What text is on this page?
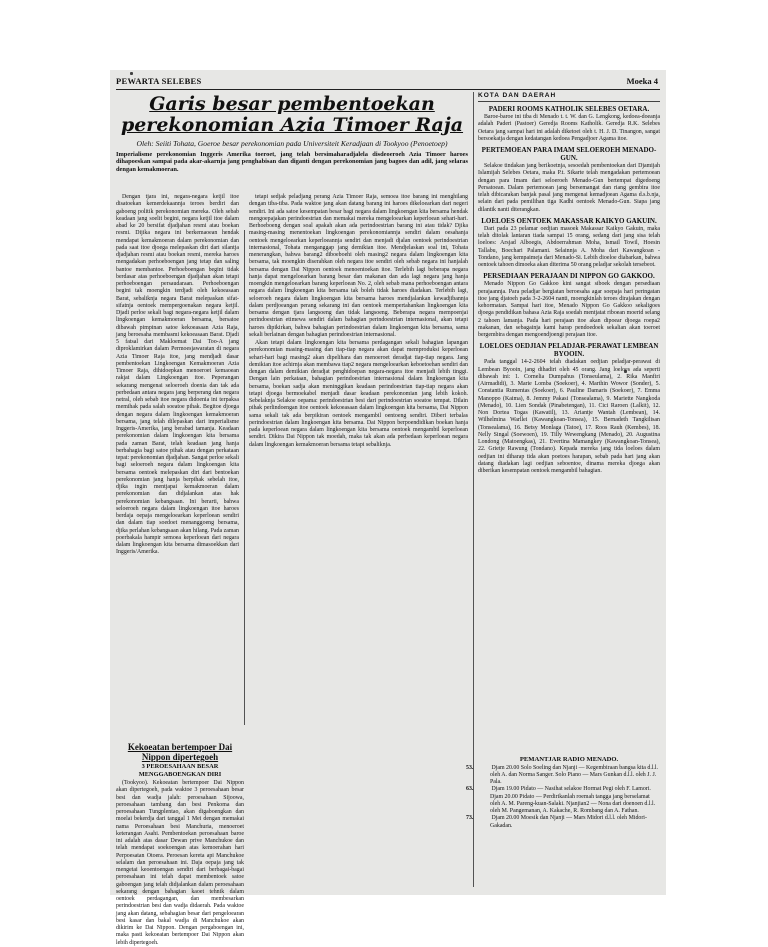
PEWARTA SELEBES	Moeka 4

Garis besar pembentoekan perekonomian Azia Timoer Raja

Oleh: Seiiti Tohata, Goeroe besar perekonomian pada Universiteit Keradjaan di Tookyoo (Penoetoep)

Imperialisme perekonomian Inggeris Amerika toeroet, jang telah bersimaharadjalela disdeoeroeh Azia Timoer haroes dihapoeskan sampai pada akar-akarnja jang penghabisan dan diganti dengan perekonomian jang bagoes dan adil, jang selaras dengan kemakmoeran.

Dengan tjara ini, negara-negara ketjil itoe disatoekan kemerdekaannja teroes berdiri dan gaboeng politik perekonomian mereka. Oleh sebab keadaan jang soelit begini, negara ketjil itoe dalam abad ke 20 bersifat djadjahan resmi atau boekan resmi. Dijika negara ini berkemaoean hendak mendapat kemakmoeran dalam perekonomian dan pada saat itoe djoega melepaskan diri dari silantja djadjahan resmi atau boekan resmi, mereka haroes mengadakan perhoeboengan jang tetap dan saling bantoe membantoe. Perhoeboengan begini tidak berdasar atas perhoeboengan djadjahan akan tetapi perhoeboengan persaudaraan. Perhoeboengan begini tak moengkin terdjadi oleh kekoeasaan Barat, sebaliknja negara Barat melepaskan sifat-sifatnja oentoek mempergoenakan negara ketjil. Djadi perloe sekali bagi negara-negara ketjil dalam lingkoengan kemakmoeran bersama, bersatoe dibawah pimpinan satoe kekoeasaan Azia Raja, jang beroesaha membasmi kekoeasaan Barat. Djadi 5 fatsal dari Makloemat Dai Too-A jang diproklamirkan dalam Permoesjawaratan di negara Azia Timoer Raja itoe, jang mendjadi dasar pembentoekan Lingkoengan Kemakmoeran Azia Timoer Raja, dihidoepkan menoeroet kemaoean rakjat dalam Lingkoengan itoe. Peperangan sekarang mengenai seloeroeh doenia dan tak ada perbedaan antara negara jang berperang dan negara netral, oleh sebab itoe negara didoenia ini terpaksa memihak pada salah soeatoe pihak. Begitoe djoega dengan negara dalam lingkoengan kemakmoeran bersama, jang telah dilepaskan dari imperialisme Inggeris-Amerika, jang berabad tamanja. Keadaan perekonomian dalam lingkoengan kita bersama pada zaman Barat, telah keadaan jang hanja berbahagia bagi satoe pihak atau dengan perkataan tepat: perekonomian djadjahan. Sangat perloe sekali bagi seloeroeh negara dalam lingkoengan kita bersama oentoek melepaskan diri dari bentoekan perekonomian jang hanja berpihak sebelah itoe, djika ingin mentjapai kemakmoeran dalam perekonomian dan didjalankan atas hak perekonomian kebangsaan. Ini berarti, bahwa seloeroeh negara dalam lingkoengan itoe haroes berdaja oepaja mengeloearkan keperloean sendiri dan dalam tiap soedoet menanggoeng bersama, djika perlahan kebangsaan akan hilang. Pada zaman poerbakala hampir semoea keperloean dari negara dalam lingkoengan kita bersama dimasoekkan dari Inggeris/Amerika.

tetapi sedjak peladjang perang Azia Timoer Raja, semoea itoe barang ini menghilang dengan tiba-tiba. Pada waktoe jang akan datang barang ini haroes dikeloearkan dari negeri sendiri. Ini ada satoe kesempatan besar bagi negara dalam lingkoengan kita bersama hendak mengoepajakan perindoestrian dan memakai mereka mengeloearkan keperloean sehari-hari. Berhoeboeng dengan soal apakah akan ada perindoestrian barang ini atau tidak? Djika masing-masing menentoekan lingkoengan perekonomiannja sendiri dalam oesahanja oentoek mengeloearkan keperloeannja sendiri dan menjadi djalan oentoek perindoestrian internasional, Tohata menganggap jang demikian itoe. Mendjelaskan soal ini, Tohata menerangkan, bahwa barang2 diboeboehi oleh masing2 negara dalam lingkoengan kita bersama, tak moengkin diserahkan oleh negara itoe sendiri oleh sebab negara ini hanjalah bersama dengan Dai Nippon oentoek menoentoekan itoe. Terlebih lagi beberapa negara hanja dapat mengeloearkan barang besar dan makanan dan ada lagi negara jang hanja moengkin mengeloearkan barang keperloean No. 2, oleh sebab mana perhoeboengan antara negara dalam lingkoengan kita bersama tak boleh tidak haroes diadakan. Terlebih lagi, seloeroeh negara dalam lingkoengan kita bersama haroes mendjalankan kewadjibannja dalam perdjoeangan perang sekarang ini dan oentoek mempertahankan lingkoengan kita bersama dengan tjara langsoeng dan tidak langsoeng. Beberapa negara mempoenjai perindoestrian etimewa sendiri dalam bahagian perindoestrian internasional, akan tetapi haroes dipikirkan, bahwa bahagian perindoestrian dalam lingkoengan kita bersama, sama sekali berlainan dengan bahagian perindoestrian internasional.

Akan tetapi dalam lingkoengan kita bersama perdagangan sekali bahagian lapangan perekonomian masing-masing dan tiap-tiap negara akan dapat memproduksi keperloean sehari-hari bagi masing2 akan dipelihara dan menoeroet deradjat tiap-tiap negara. Jang demikian itoe achirnja akan membawa tiap2 negara mengeloearkan keboetoehan sendiri dan dengan dalam demikian deradjat penghidoepan negara-negara itoe menjadi lebih tinggi. Dengan lain perkataan, bahagian perindoestrian internasional dalam lingkoengan kita bersama, boekan sadja akan meninggikan keadaan perindoestrian tiap-tiap negara akan tetapi djoega bermoekabel menjadi dasar keadaan perekonomian jang lebih kokoh. Sebelaknja Selakoe oepama: perindoestrian besi dari perindoestrian soeatoe tempat. Dilain pihak perlindoengan itoe oentoek kekoeasaan dalam lingkoengan kita bersama, Dai Nippon sama sekali tak ada berpikiran oentoek mengambil oentoeng sendiri. Diberi terbalas perindoestrian dalam lingkoengan kita bersama. Dai Nippon berpoendidikan boekan hanja pada keperloean negara dalam lingkoengan kita bersama oentoek mengambil keperloean sendiri. Dikira Dai Nippon tak moedah, maka tak akan ada perbedaan keperloean negara dalam lingkoengan kemakmoeran bersama tetapi sebaliknja.

Kekoeatan bertempoer Dai Nippon dipertegoeh

3 PEROESAHAAN BESAR MENGGABOENGKAN DIRI

(Tookyoo). Kekoeatan bertempoer Dai Nippon akan dipertegoeh, pada waktoe 3 peroesahaan besar besi dan wadja jalah: peroesahaan Sijoowa, peroesahaan tambang dan besi Penkoma dan peroesahaan Tungplentao, akan digaboengkan dan moelai bekerdja dari tanggal 1 Mei dengan memakai nama Peroesahaan besi Manchuria, menoeroet keterangan Asahi. Pembentoekan peroesahaan baroe ini adalah atas dasar Dewan prive Manchukoe dan telah mendapat soekoengan atas kemoerahan hari Perpoesatan Otoera. Peroesan kereta api Manchukoe selalam dan peroesahaan ini. Daja oepaja jang tak mengetai keoentoengan sendiri dari berbagai-bagai peroesahaan ini telah dapat membentoek satoe gaboengan jang telah didjalankan dalam peroesahaan sekarang dengan bahagian kaoet tehnik dalam oentoek perdagangan, dan membesarkan perindoestrian besi dan wadja didaerah. Pada waktoe jang akan datang, sebahagian besar dari pengeloearan besi kasar dan bakal wadja di Manchukoe akan dikirim ke Dai Nippon. Dengan pergaboengan ini, maka pasti kekoeatan bertempoer Dai Nippon akan lebih dipertegoeh.

KOTA DAN DAERAH

PADERI ROOMS KATHOLIK SELEBES OETARA.

Baroe-baroe ini tiba di Menado t. t. W. dan G. Lengkong, kedoea-doeanja adalah Paderi (Pastoer) Geredja Rooms Katholik. Geredja R.K. Selebes Oetara jang sampai hari ini adalah diketoei oleh t. H. J. D. Tinangon, sangat bersoekatja dengan kedatangan kedoea Pengadjoer Agama itoe.

PERTEMOEAN PARA IMAM SELOEROEH MENADO-GUN.

Selakoe tindakan jang berikoetnja, sesoedah pembentoekan dari Djamijah Islamijah Selebes Oetara, maka P.t. Sikarte telah mengadakan pertemoean dengan para Imam dari seloeroeh Menado-Gun bertempat digedoeng Persatoean. Dalam pertemoean jang bersemangat dan riang gembira itoe telah dibicarakan banjak pasal jang mengenai kemadjoean Agama d.s.b.nja, selain dari pada pemilihan tiga Kadhi oentoek Menado-Gun. Siapa jang dilantik nanti diterangkan.

LOELOES OENTOEK MAKASSAR KAIKYO GAKUIN.

Dari pada 23 pelamar oedjian masoek Makassar Kaikyo Gakuin, maka telah ditolak lantaran tiada sampai 15 orang, sedang dari jang sisa telah loeloes: Arsjad Alboegis, Abdoerrahman Moha, Ismail Towil, Hoesin Tallabu, Boechari Palamani. Selainnja A. Moha dari Kawangkoan - Tondano, jang kempaimeja dari Menado-Si. Lebih dioeloe diabarkan, bahwa oentoek tahoen dimoeka akan diterima 50 orang peladjar sekolah tersebeot.

PERSEDIAAN PERAJAAN DI NIPPON GO GAKKOO.

Menado Nippon Go Gakkoo kini sangat siboek dengan persediaan perajaannja. Para peladjar bergiatan beroesaha agar soepaja hari peringatan itoe jang djatoeh pada 3-2-2604 nanti, moengkinlah teroes dirajakan dengan kehormatan. Sampai hari itoe, Menado Nippon Go Gakkoo sekaligoes djoega pendidikan bahasa Azia Raja soedah mentjatat riboean moerid selang 2 tahoen lamanja. Pada hari perajaan itoe akan dipoear djoega roepa2 makanan, dan sebagainja kami harap pendoedoek sekalian akan toeroet bergembira dengan mengoendjoengi perajaan itoe.

LOELOES OEDJIAN PELADJAR-PERAWAT LEMBEAN BYOOIN.

Pada tanggal 14-2-2604 telah diadakan oedjian peladjar-perawat di Lembean Byooin, jang dihadiri oleh 45 orang. Jang loeloes ada seperti dibawah ini: 1. Cornelia Dumpahus (Tonseulama), 2. Rika Manfiri (Airmadidi), 3. Marie Lomba (Soekoer), 4. Marthin Wowor (Sonder), 5. Constantia Rumentas (Soekoer), 6. Pauline Damaris (Soekoer), 7. Emma Manoppo (Kaima), 8. Jemmy Pakasi (Tonsealama), 9. Mariette Nangkoda (Menado), 10. Lien Sondak (Pinabetengan), 11. Cici Raroen (Lalkit), 12. Non Dortea Togas (Kawatil), 13. Ariantje Wantah (Lembean), 14. Wilhelmina Warllei (Kawangkoan-Tonsea), 15. Bernadeth Tangkilisan (Tonsealama), 16. Betsy Monlaga (Tatoe), 17. Roos Rauh (Kembes), 18. Nelly Singal (Soewoen), 19. Tilly Wewengkang (Menado), 20. Augustina Londong (Matoengkas), 21. Evertina Mamangkey (Kawangkoan-Tonsea), 22. Grietje Rawung (Tondano). Kepada mereka jang tida loeloes dalam oedjian ini diharap tida akan poetoes harapan, sebab pada hari jang akan datang diadakan lagi oedjian seboentoe, dinama mereka djoega akan diberikan kesempatan oentoek mengambil bahagian.

PEMANTJAR RADIO MENADO.

53.	Djam 20.00 Solo Soeling dan Njanji — Kegembiraan bangsa kita d.l.l. oleh A. dan Norma Sanger. Solo Piano — Mars Gunkan d.l.l. oleh J. J. Pala.
63.	Djam 19.00 Pidato — Nasihat selakoe Hormat Pegi oleh F. Lamori. Djam 20.00 Pidato — Perdirikanlah roemah tangga jang berselamat oleh A. M. Pareng-kuan-Salaki. Njanjian2 — Nona dari doenoen d.l.l. oleh M. Pangemanan, A. Kakache, R. Rombang dan A. Fathan.
73.	Djam 20.00 Moesik dan Njanji — Mars Midori d.l.l. oleh Midori-Gakadan.
